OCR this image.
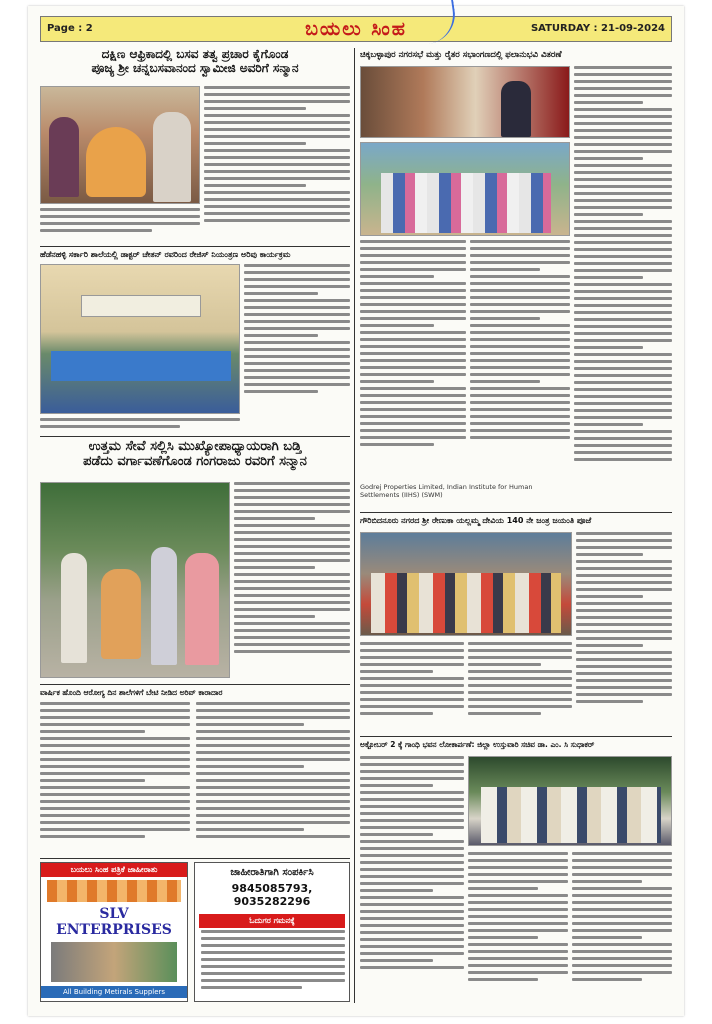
Page : 2	ಬಯಲು ಸಿಂಹ	SATURDAY : 21-09-2024
ದಕ್ಷಿಣ ಆಫ್ರಿಕಾದಲ್ಲಿ ಬಸವ ತತ್ವ ಪ್ರಚಾರ ಕೈಗೊಂಡ
ಪೂಜ್ಯ ಶ್ರೀ ಚನ್ನಬಸವಾನಂದ ಸ್ವಾಮೀಜಿ ಅವರಿಗೆ ಸನ್ಮಾನ
ಹೆಡೆನಹಳ್ಳಿ ಸರ್ಕಾರಿ ಶಾಲೆಯಲ್ಲಿ ಡಾಕ್ಟರ್ ಚೇತನ್ ರವರಿಂದ ರೇಜಿಸ್ ನಿಯಂತ್ರಣ ಅರಿವು ಕಾರ್ಯಕ್ರಮ
ಉತ್ತಮ ಸೇವೆ ಸಲ್ಲಿಸಿ ಮುಖ್ಯೋಪಾಧ್ಯಾಯರಾಗಿ ಬಡ್ತಿ
ಪಡೆದು ವರ್ಗಾವಣೆಗೊಂಡ ಗಂಗರಾಜು ರವರಿಗೆ ಸನ್ಮಾನ
ವಾರ್ಷಿಕ ಹೊಂದಿ ಆರೋಗ್ಯ ದಿನ ಶಾಲೆಗಳಿಗೆ ಬೇಟಿ ನೀಡಿದ ಅರಿವ್ ಕಾರಾದಾರ
ಬಯಲು ಸಿಂಹ ಪತ್ರಿಕೆ ಜಾಹೀರಾತು
SLV ENTERPRISES
All Building Metirals Supplers
ಜಾಹೀರಾತಿಗಾಗಿ ಸಂಪರ್ಕಿಸಿ
9845085793, 9035282296
ಓದುಗರ ಗಮನಕ್ಕೆ
ಚಿಕ್ಕಬಳ್ಳಾಪುರ ನಗರಸಭೆ ಮತ್ತು ರೈತರ ಸಭಾಂಗಣದಲ್ಲಿ ಫಲಾನುಭವಿ ವಿತರಣೆ
Godrej Properties Limited, Indian Institute for Human Settlements (IIHS) (SWM)
ಗೌರಿಬಿದನೂರು ನಗರದ ಶ್ರೀ ರೇಣುಕಾ ಯಲ್ಲಮ್ಮ ದೇವಿಯ 140 ನೇ ಜಂತ್ರ ಜಯಂತಿ ಪೂಜೆ
ಅಕ್ಟೋಬರ್ 2 ಕ್ಕೆ ಗಾಂಧಿ ಭವನ ಲೋಕಾರ್ಪಣೆ: ಜಿಲ್ಲಾ ಉಸ್ತುವಾರಿ ಸಚಿವ ಡಾ. ಎಂ. ಸಿ ಸುಧಾಕರ್
